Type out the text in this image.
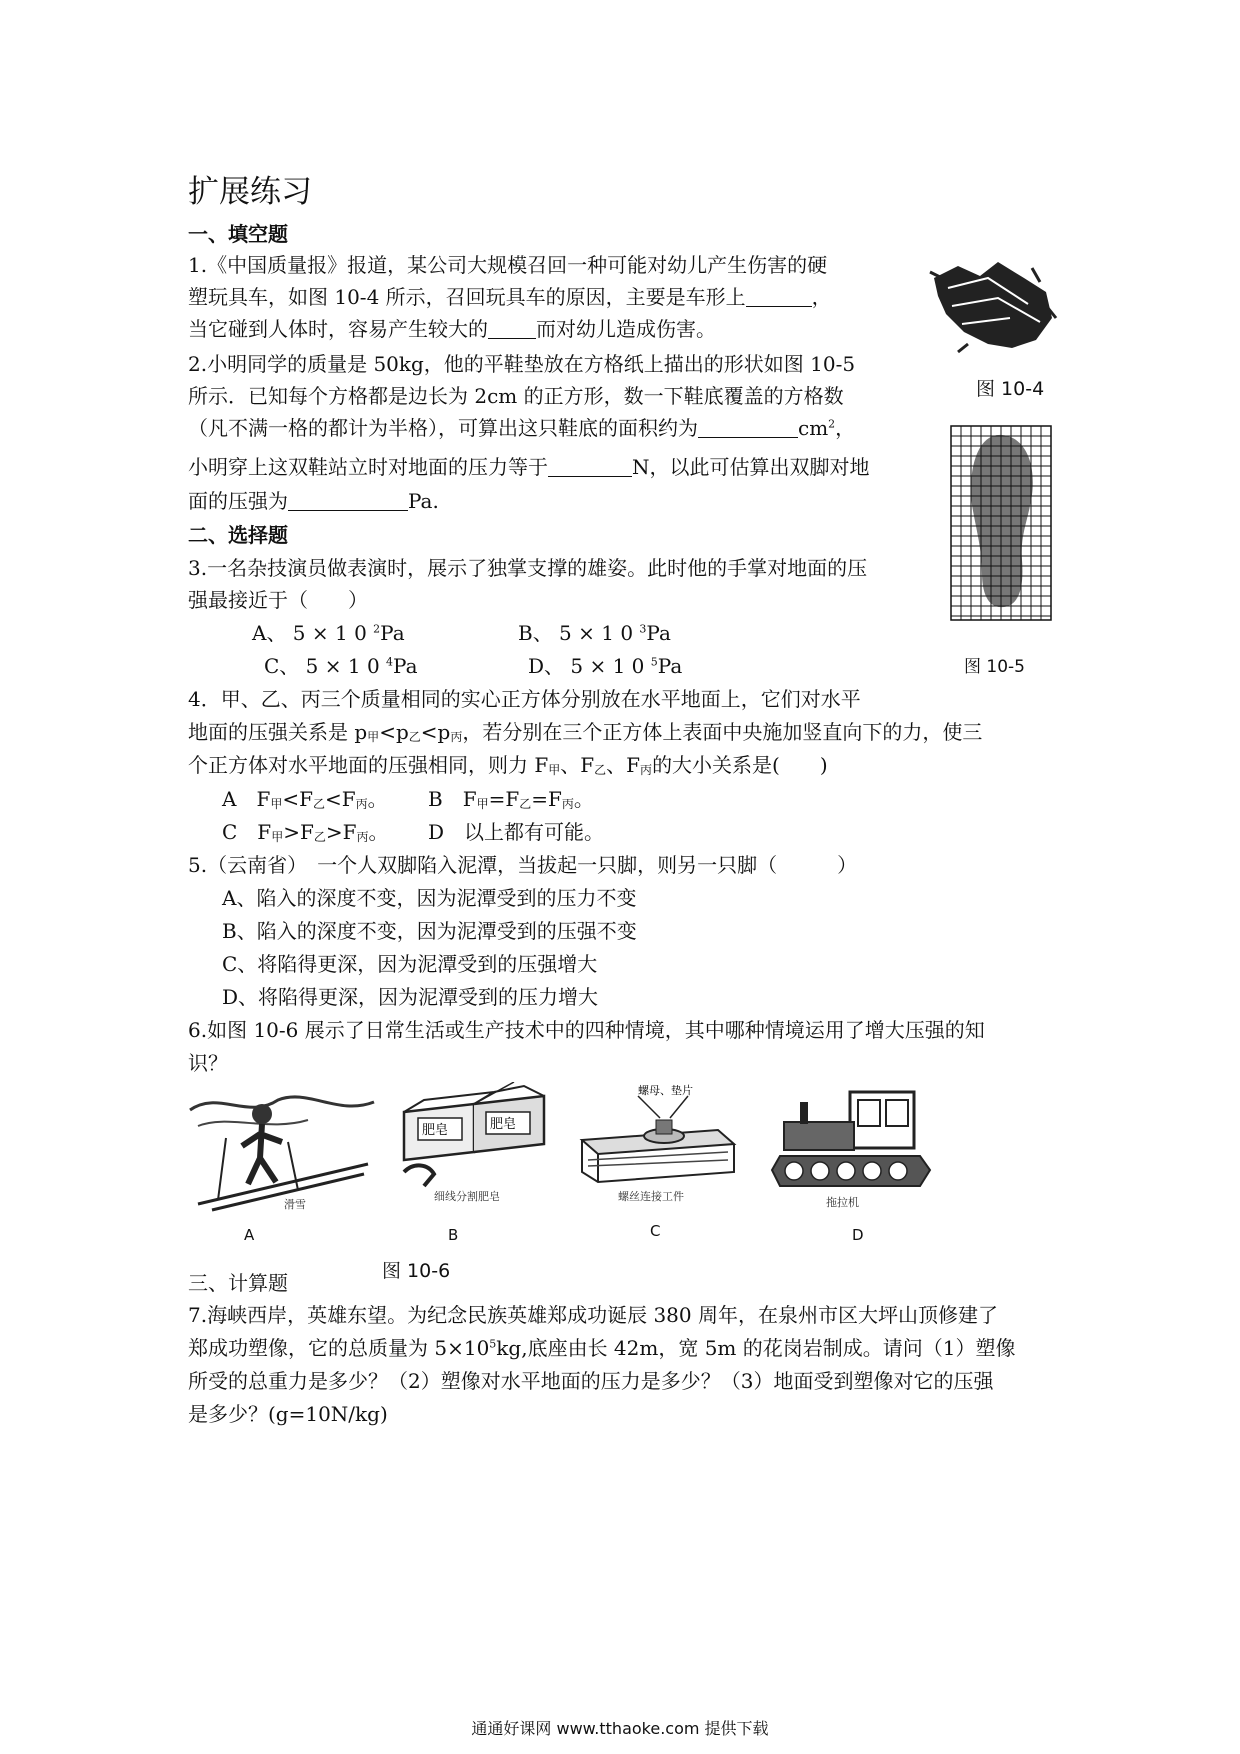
扩展练习
一、填空题
1.《中国质量报》报道，某公司大规模召回一种可能对幼儿产生伤害的硬
塑玩具车，如图 10-4 所示，召回玩具车的原因，主要是车形上	，
当它碰到人体时，容易产生较大的 而对幼儿造成伤害。
2.小明同学的质量是 50kg，他的平鞋垫放在方格纸上描出的形状如图 10-5
所示．已知每个方格都是边长为 2cm 的正方形，数一下鞋底覆盖的方格数
（凡不满一格的都计为半格），可算出这只鞋底的面积约为	$cm^2$，
小明穿上这双鞋站立时对地面的压力等于	N，以此可估算出双脚对地
面的压强为	Pa.
二、选择题
3.一名杂技演员做表演时，展示了独掌支撑的雄姿。此时他的手掌对地面的压
强最接近于（　　）
A、 5 × 1 0 $^2$Pa	B、 5 × 1 0 $^3$Pa
C、 5 × 1 0 $^4$Pa	D、 5 × 1 0 $^5$Pa
4．甲、乙、丙三个质量相同的实心正方体分别放在水平地面上，它们对水平
地面的压强关系是 p甲<p乙<p丙，若分别在三个正方体上表面中央施加竖直向下的力，使三
个正方体对水平地面的压强相同，则力 F甲、F乙、F丙的大小关系是(　　)
A　F甲<F乙<F丙。 B　F甲=F乙=F丙。
C　F甲>F乙>F丙。 D　以上都有可能。
5.（云南省）　一个人双脚陷入泥潭，当拔起一只脚，则另一只脚（　　　）
A、陷入的深度不变，因为泥潭受到的压力不变
B、陷入的深度不变，因为泥潭受到的压强不变
C、将陷得更深，因为泥潭受到的压强增大
D、将陷得更深，因为泥潭受到的压力增大
6.如图 10-6 展示了日常生活或生产技术中的四种情境，其中哪种情境运用了增大压强的知
识？
图 10-4
图 10-5
滑雪
A
肥皂	肥皂
细线分割肥皂
B
螺母、垫片
螺丝连接工件
C
拖拉机
D
图 10-6
三、计算题
7.海峡西岸，英雄东望。为纪念民族英雄郑成功诞辰 380 周年，在泉州市区大坪山顶修建了
郑成功塑像，它的总质量为 $5\times 10^5kg$,底座由长 42m，宽 5m 的花岗岩制成。请问（1）塑像
所受的总重力是多少？（2）塑像对水平地面的压力是多少？（3）地面受到塑像对它的压强
是多少？(g=10N/kg)
通通好课网 www.tthaoke.com 提供下载
